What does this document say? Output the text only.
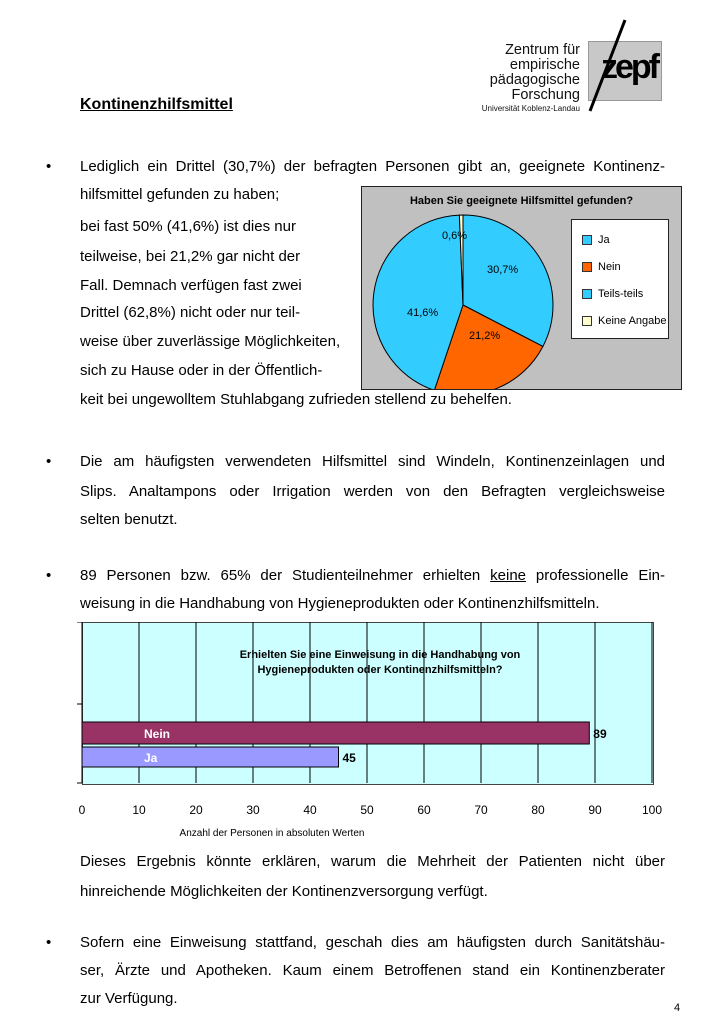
Zentrum für
empirische
pädagogische
Forschung
Universität Koblenz-Landau
zepf
Kontinenzhilfsmittel
• Lediglich ein Drittel (30,7%) der befragten Personen gibt an, geeignete Kontinenz-
hilfsmittel gefunden zu haben;
bei fast 50% (41,6%) ist dies nur
teilweise, bei 21,2% gar nicht der
Fall. Demnach verfügen fast zwei
Drittel (62,8%) nicht oder nur teil-
weise über zuverlässige Möglichkeiten,
sich zu Hause oder in der Öffentlich-
keit bei ungewolltem Stuhlabgang zufrieden stellend zu behelfen.
Haben Sie geeignete Hilfsmittel gefunden?
30,7%
21,2%
41,6%
0,6%	Ja
Nein
Teils-teils
Keine Angabe
• Die am häufigsten verwendeten Hilfsmittel sind Windeln, Kontinenzeinlagen und
Slips. Analtampons oder Irrigation werden von den Befragten vergleichsweise
selten benutzt.
• 89 Personen bzw. 65% der Studienteilnehmer erhielten keine professionelle Ein-
weisung in die Handhabung von Hygieneprodukten oder Kontinenzhilfsmitteln.
Erhielten Sie eine Einweisung in die Handhabung von
Hygieneprodukten oder Kontinenzhilfsmitteln?
Nein	89
Ja	45
0	10	20	30	40	50	60	70	80	90	100
Anzahl der Personen in absoluten Werten
Dieses Ergebnis könnte erklären, warum die Mehrheit der Patienten nicht über
hinreichende Möglichkeiten der Kontinenzversorgung verfügt.
• Sofern eine Einweisung stattfand, geschah dies am häufigsten durch Sanitätshäu-
ser, Ärzte und Apotheken. Kaum einem Betroffenen stand ein Kontinenzberater
zur Verfügung.
4
